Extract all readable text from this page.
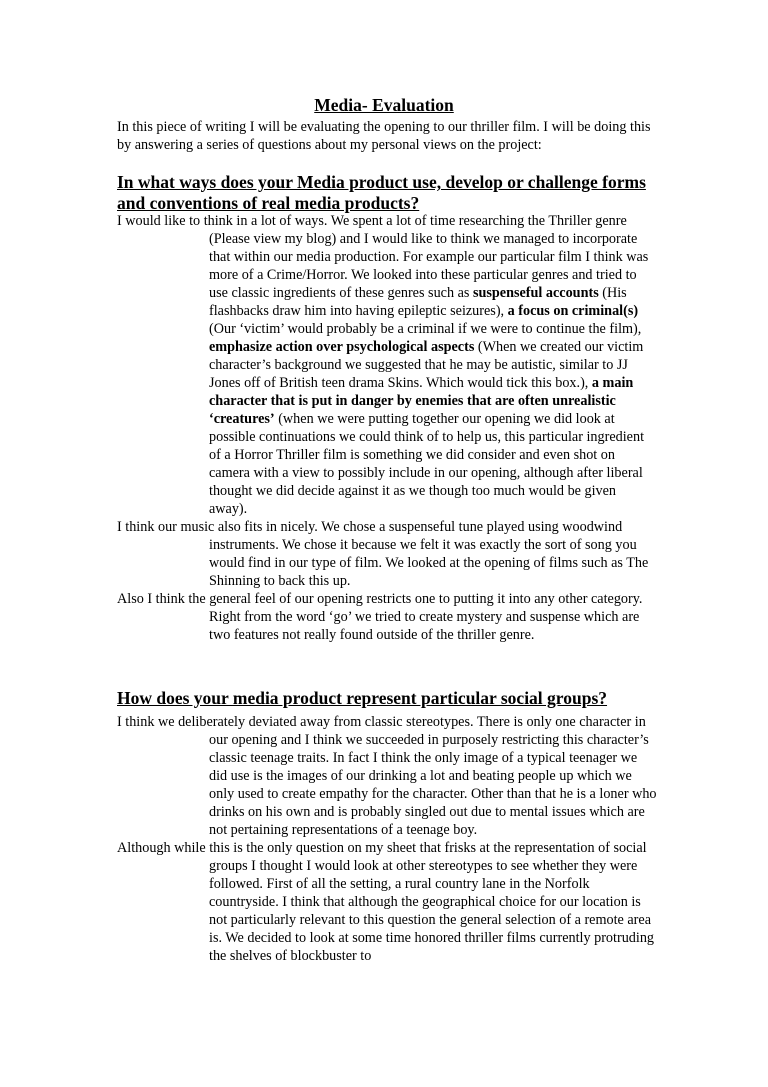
Media- Evaluation
In this piece of writing I will be evaluating the opening to our thriller film. I will be doing this by answering a series of questions about my personal views on the project:
In what ways does your Media product use, develop or challenge forms and conventions of real media products?

I would like to think in a lot of ways. We spent a lot of time researching the Thriller genre (Please view my blog) and I would like to think we managed to incorporate that within our media production. For example our particular film I think was more of a Crime/Horror. We looked into these particular genres and tried to use classic ingredients of these genres such as suspenseful accounts (His flashbacks draw him into having epileptic seizures), a focus on criminal(s) (Our ‘victim’ would probably be a criminal if we were to continue the film), emphasize action over psychological aspects (When we created our victim character’s background we suggested that he may be autistic, similar to JJ Jones off of British teen drama Skins. Which would tick this box.), a main character that is put in danger by enemies that are often unrealistic ‘creatures’ (when we were putting together our opening we did look at possible continuations we could think of to help us, this particular ingredient of a Horror Thriller film is something we did consider and even shot on camera with a view to possibly include in our opening, although after liberal thought we did decide against it as we though too much would be given away).

I think our music also fits in nicely. We chose a suspenseful tune played using woodwind instruments. We chose it because we felt it was exactly the sort of song you would find in our type of film. We looked at the opening of films such as The Shinning to back this up.

Also I think the general feel of our opening restricts one to putting it into any other category. Right from the word ‘go’ we tried to create mystery and suspense which are two features not really found outside of the thriller genre.

How does your media product represent particular social groups?

I think we deliberately deviated away from classic stereotypes. There is only one character in our opening and I think we succeeded in purposely restricting this character’s classic teenage traits. In fact I think the only image of a typical teenager we did use is the images of our drinking a lot and beating people up which we only used to create empathy for the character. Other than that he is a loner who drinks on his own and is probably singled out due to mental issues which are not pertaining representations of a teenage boy.

Although while this is the only question on my sheet that frisks at the representation of social groups I thought I would look at other stereotypes to see whether they were followed. First of all the setting, a rural country lane in the Norfolk countryside. I think that although the geographical choice for our location is not particularly relevant to this question the general selection of a remote area is. We decided to look at some time honored thriller films currently protruding the shelves of blockbuster to
